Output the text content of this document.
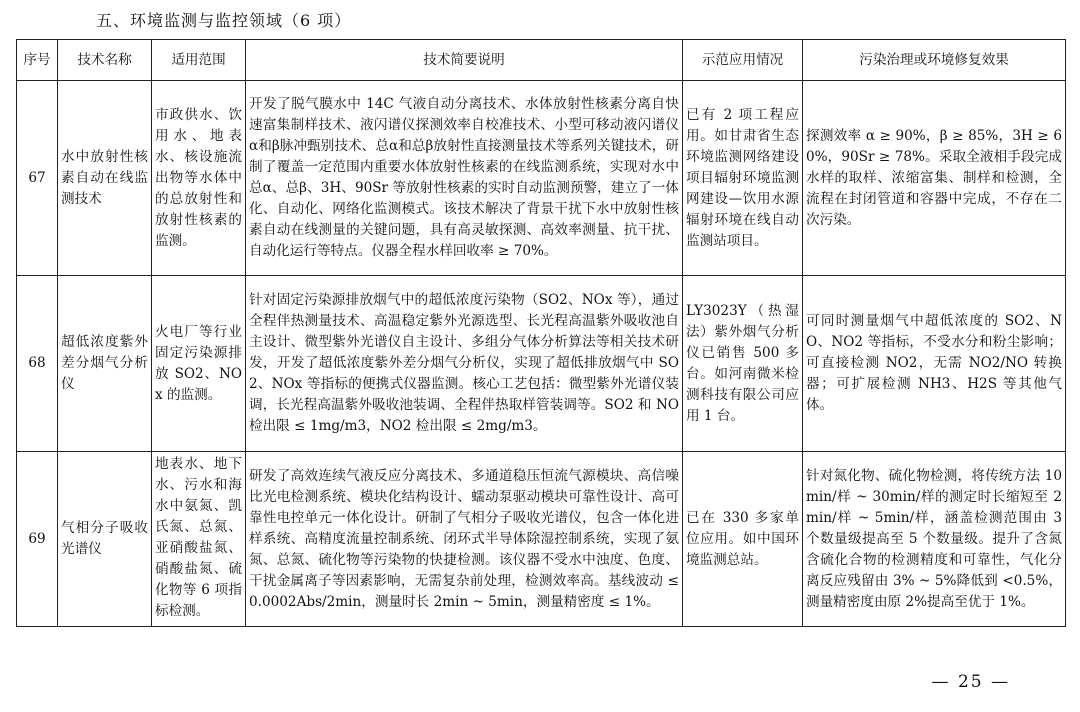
五、环境监测与监控领域（6 项）
序号	技术名称	适用范围	技术简要说明	示范应用情况	污染治理或环境修复效果
67	水中放射性核素自动在线监测技术	市政供水、饮用水、地表水、核设施流出物等水体中的总放射性和放射性核素的监测。	开发了脱气膜水中 14C 气液自动分离技术、水体放射性核素分离自快速富集制样技术、液闪谱仪探测效率自校准技术、小型可移动液闪谱仪α和β脉冲甄别技术、总α和总β放射性直接测量技术等系列关键技术，研制了覆盖一定范围内重要水体放射性核素的在线监测系统，实现对水中总α、总β、3H、90Sr 等放射性核素的实时自动监测预警，建立了一体化、自动化、网络化监测模式。该技术解决了背景干扰下水中放射性核素自动在线测量的关键问题，具有高灵敏探测、高效率测量、抗干扰、自动化运行等特点。仪器全程水样回收率 ≥ 70%。	已有 2 项工程应用。如甘肃省生态环境监测网络建设项目辐射环境监测网建设—饮用水源辐射环境在线自动监测站项目。	探测效率 α ≥ 90%，β ≥ 85%，3H ≥ 60%，90Sr ≥ 78%。采取全液相手段完成水样的取样、浓缩富集、制样和检测，全流程在封闭管道和容器中完成，不存在二次污染。
68	超低浓度紫外差分烟气分析仪	火电厂等行业固定污染源排放 SO2、NOx 的监测。	针对固定污染源排放烟气中的超低浓度污染物（SO2、NOx 等），通过全程伴热测量技术、高温稳定紫外光源选型、长光程高温紫外吸收池自主设计、微型紫外光谱仪自主设计、多组分气体分析算法等相关技术研发，开发了超低浓度紫外差分烟气分析仪，实现了超低排放烟气中 SO2、NOx 等指标的便携式仪器监测。核心工艺包括：微型紫外光谱仪装调，长光程高温紫外吸收池装调、全程伴热取样管装调等。SO2 和 NO 检出限 ≤ 1mg/m3，NO2 检出限 ≤ 2mg/m3。	LY3023Y（热湿法）紫外烟气分析仪已销售 500 多台。如河南微米检测科技有限公司应用 1 台。	可同时测量烟气中超低浓度的 SO2、NO、NO2 等指标，不受水分和粉尘影响；可直接检测 NO2，无需 NO2/NO 转换器；可扩展检测 NH3、H2S 等其他气体。
69	气相分子吸收光谱仪	地表水、地下水、污水和海水中氨氮、凯氏氮、总氮、亚硝酸盐氮、硝酸盐氮、硫化物等 6 项指标检测。	研发了高效连续气液反应分离技术、多通道稳压恒流气源模块、高信噪比光电检测系统、模块化结构设计、蠕动泵驱动模块可靠性设计、高可靠性电控单元一体化设计。研制了气相分子吸收光谱仪，包含一体化进样系统、高精度流量控制系统、闭环式半导体除湿控制系统，实现了氨氮、总氮、硫化物等污染物的快捷检测。该仪器不受水中浊度、色度、干扰金属离子等因素影响，无需复杂前处理，检测效率高。基线波动 ≤ 0.0002Abs/2min，测量时长 2min ~ 5min，测量精密度 ≤ 1%。	已在 330 多家单位应用。如中国环境监测总站。	针对氮化物、硫化物检测，将传统方法 10min/样 ~ 30min/样的测定时长缩短至 2min/样 ~ 5min/样，涵盖检测范围由 3 个数量级提高至 5 个数量级。提升了含氮含硫化合物的检测精度和可靠性，气化分离反应残留由 3% ~ 5%降低到 <0.5%，测量精密度由原 2%提高至优于 1%。
— 25 —
